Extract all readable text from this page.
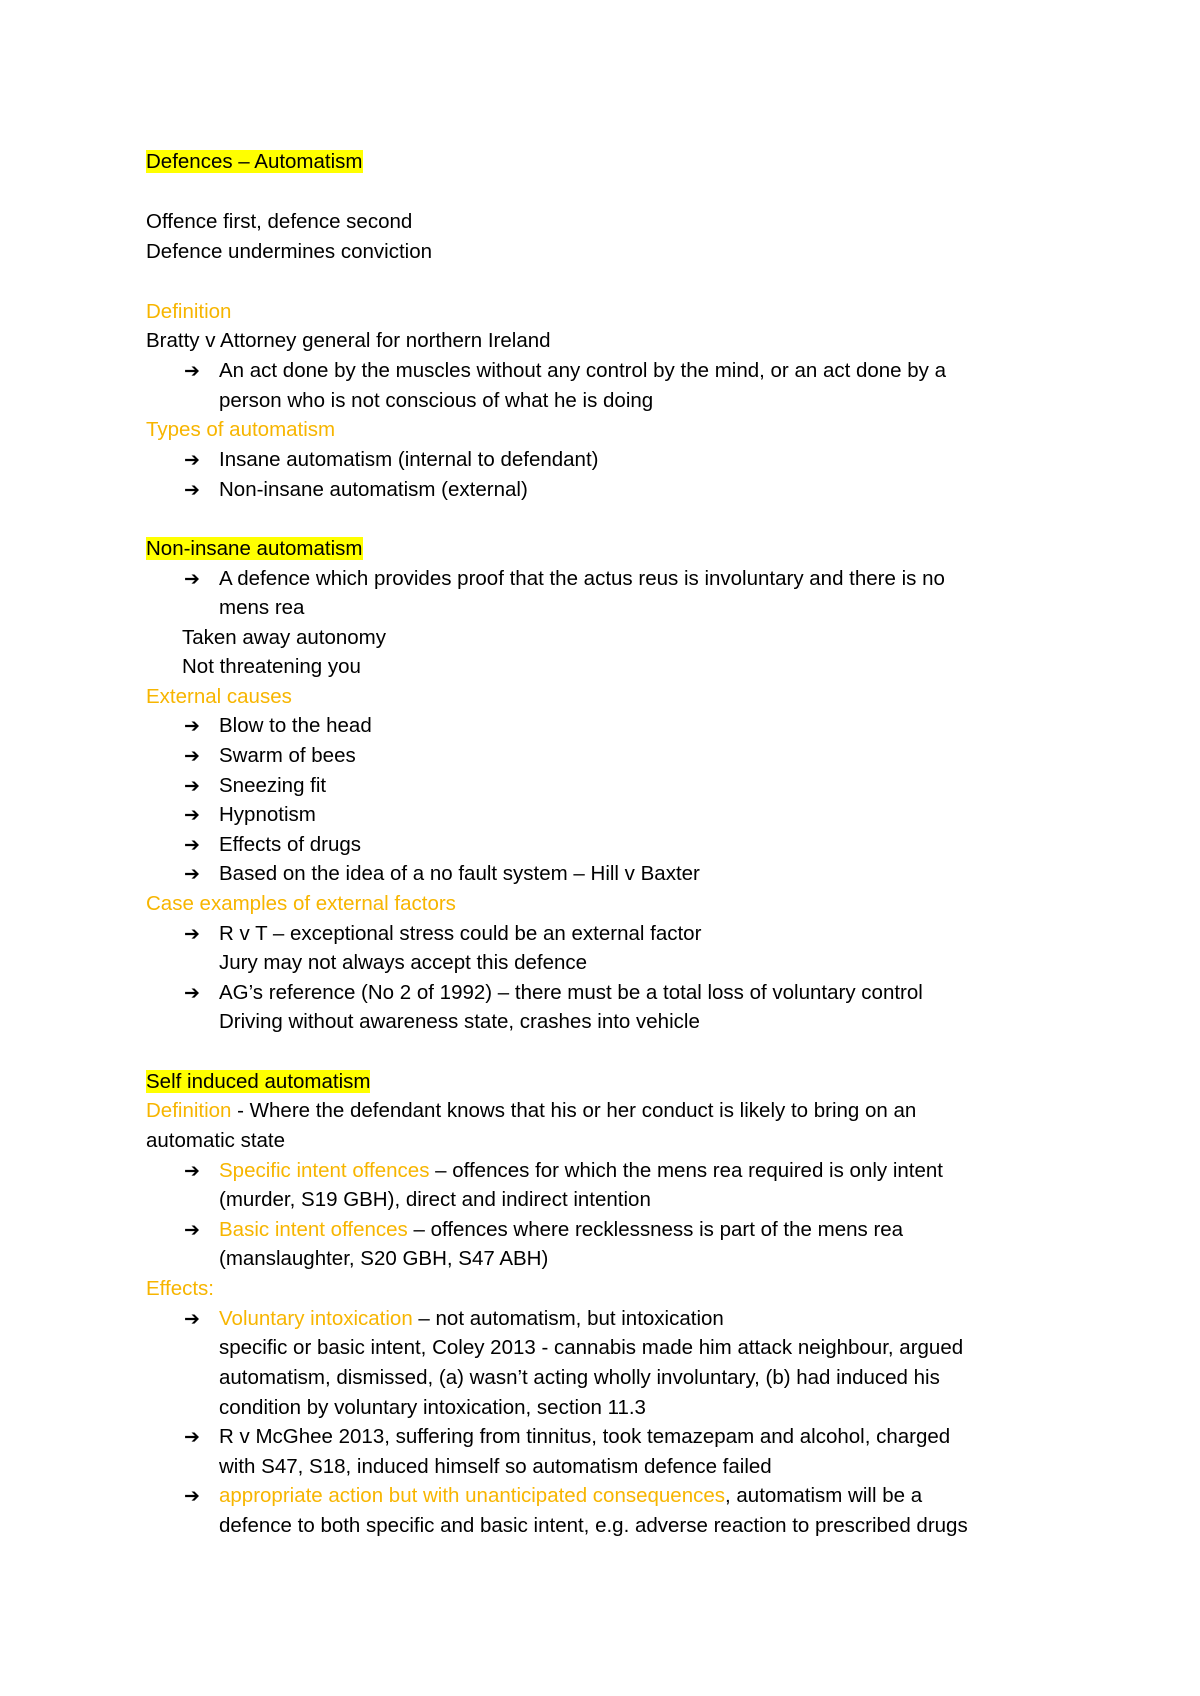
Defences – Automatism
Offence first, defence second
Defence undermines conviction
Definition
Bratty v Attorney general for northern Ireland
➔ An act done by the muscles without any control by the mind, or an act done by a
person who is not conscious of what he is doing
Types of automatism
➔ Insane automatism (internal to defendant)
➔ Non-insane automatism (external)
Non-insane automatism
➔ A defence which provides proof that the actus reus is involuntary and there is no
mens rea
Taken away autonomy
Not threatening you
External causes
➔ Blow to the head
➔ Swarm of bees
➔ Sneezing fit
➔ Hypnotism
➔ Effects of drugs
➔ Based on the idea of a no fault system – Hill v Baxter
Case examples of external factors
➔ R v T – exceptional stress could be an external factor
Jury may not always accept this defence
➔ AG’s reference (No 2 of 1992) – there must be a total loss of voluntary control
Driving without awareness state, crashes into vehicle
Self induced automatism
Definition - Where the defendant knows that his or her conduct is likely to bring on an
automatic state
➔ Specific intent offences – offences for which the mens rea required is only intent
(murder, S19 GBH), direct and indirect intention
➔ Basic intent offences – offences where recklessness is part of the mens rea
(manslaughter, S20 GBH, S47 ABH)
Effects:
➔ Voluntary intoxication – not automatism, but intoxication
specific or basic intent, Coley 2013 - cannabis made him attack neighbour, argued
automatism, dismissed, (a) wasn’t acting wholly involuntary, (b) had induced his
condition by voluntary intoxication, section 11.3
➔ R v McGhee 2013, suffering from tinnitus, took temazepam and alcohol, charged
with S47, S18, induced himself so automatism defence failed
➔ appropriate action but with unanticipated consequences, automatism will be a
defence to both specific and basic intent, e.g. adverse reaction to prescribed drugs
